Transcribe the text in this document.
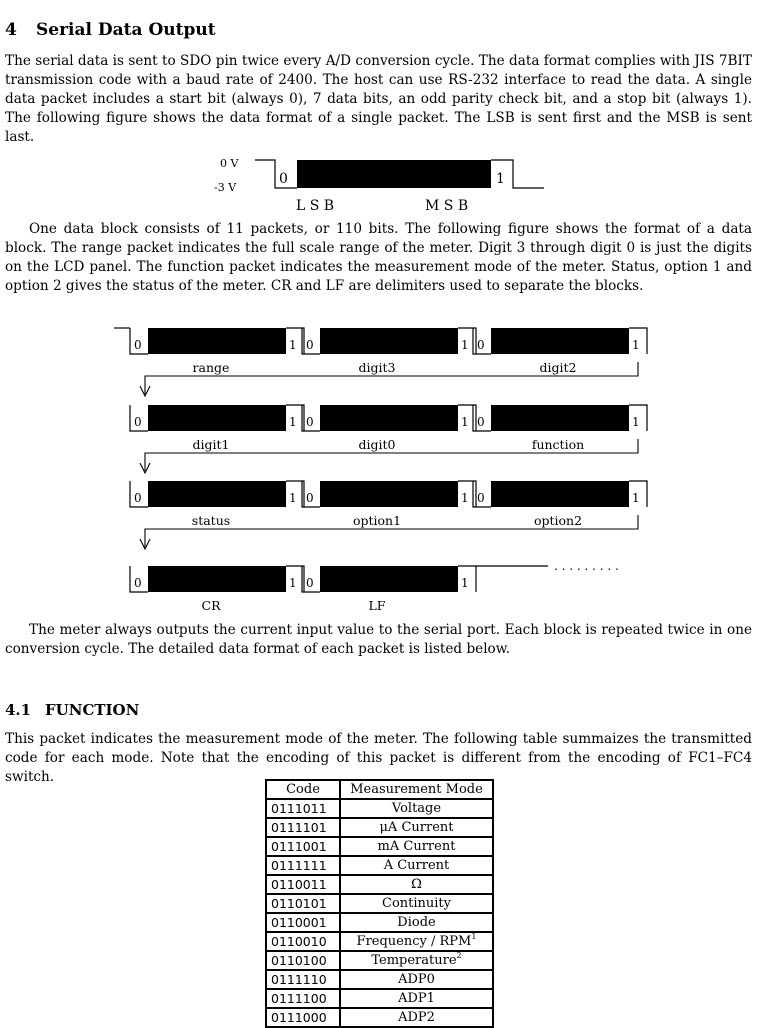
4 Serial Data Output

The serial data is sent to SDO pin twice every A/D conversion cycle. The data format complies with JIS 7BIT transmission code with a baud rate of 2400. The host can use RS-232 interface to read the data. A single data packet includes a start bit (always 0), 7 data bits, an odd parity check bit, and a stop bit (always 1). The following figure shows the data format of a single packet. The LSB is sent first and the MSB is sent last.

0 V
-3 V
0	1
L S B	M S B

One data block consists of 11 packets, or 110 bits. The following figure shows the format of a data block. The range packet indicates the full scale range of the meter. Digit 3 through digit 0 is just the digits on the LCD panel. The function packet indicates the measurement mode of the meter. Status, option 1 and option 2 gives the status of the meter. CR and LF are delimiters used to separate the blocks.

0	1
range
0	1
digit3
0	1
digit2
0	1
digit1
0	1
digit0
0	1
function
0	1
status
0	1
option1
0	1
option2
0	1
CR
0	1
LF
. . . . . . . . .

The meter always outputs the current input value to the serial port. Each block is repeated twice in one conversion cycle. The detailed data format of each packet is listed below.

4.1 FUNCTION

This packet indicates the measurement mode of the meter. The following table summaizes the transmitted code for each mode. Note that the encoding of this packet is different from the encoding of FC1–FC4 switch.

Code	Measurement Mode
0111011	Voltage
0111101	μA Current
0111001	mA Current
0111111	A Current
0110011	Ω
0110101	Continuity
0110001	Diode
0110010	Frequency / RPM$^1$
0110100	Temperature$^2$
0111110	ADP0
0111100	ADP1
0111000	ADP2
